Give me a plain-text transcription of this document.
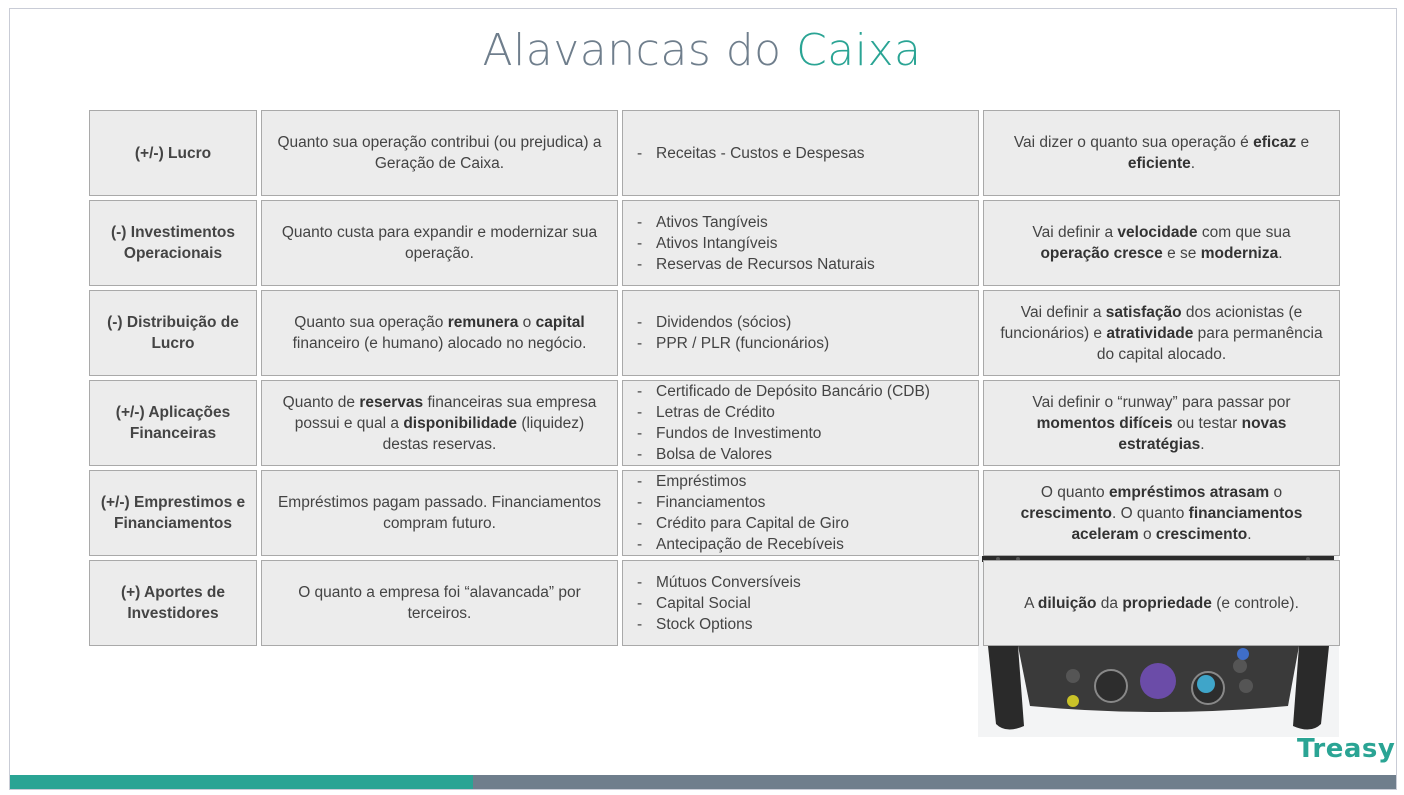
Alavancas do Caixa
(+/-) Lucro
Quanto sua operação contribui (ou prejudica) a Geração de Caixa.
- Receitas - Custos e Despesas
Vai dizer o quanto sua operação é eficaz e eficiente.
(-) Investimentos Operacionais
Quanto custa para expandir e modernizar sua operação.
- Ativos Tangíveis
- Ativos Intangíveis
- Reservas de Recursos Naturais
Vai definir a velocidade com que sua operação cresce e se moderniza.
(-) Distribuição de Lucro
Quanto sua operação remunera o capital financeiro (e humano) alocado no negócio.
- Dividendos (sócios)
- PPR / PLR (funcionários)
Vai definir a satisfação dos acionistas (e funcionários) e atratividade para permanência do capital alocado.
(+/-) Aplicações Financeiras
Quanto de reservas financeiras sua empresa possui e qual a disponibilidade (liquidez) destas reservas.
- Certificado de Depósito Bancário (CDB)
- Letras de Crédito
- Fundos de Investimento
- Bolsa de Valores
Vai definir o “runway” para passar por momentos difíceis ou testar novas estratégias.
(+/-) Emprestimos e Financiamentos
Empréstimos pagam passado. Financiamentos compram futuro.
- Empréstimos
- Financiamentos
- Crédito para Capital de Giro
- Antecipação de Recebíveis
O quanto empréstimos atrasam o crescimento. O quanto financiamentos aceleram o crescimento.
(+) Aportes de Investidores
O quanto a empresa foi “alavancada” por terceiros.
- Mútuos Conversíveis
- Capital Social
- Stock Options
A diluição da propriedade (e controle).
Treasy
